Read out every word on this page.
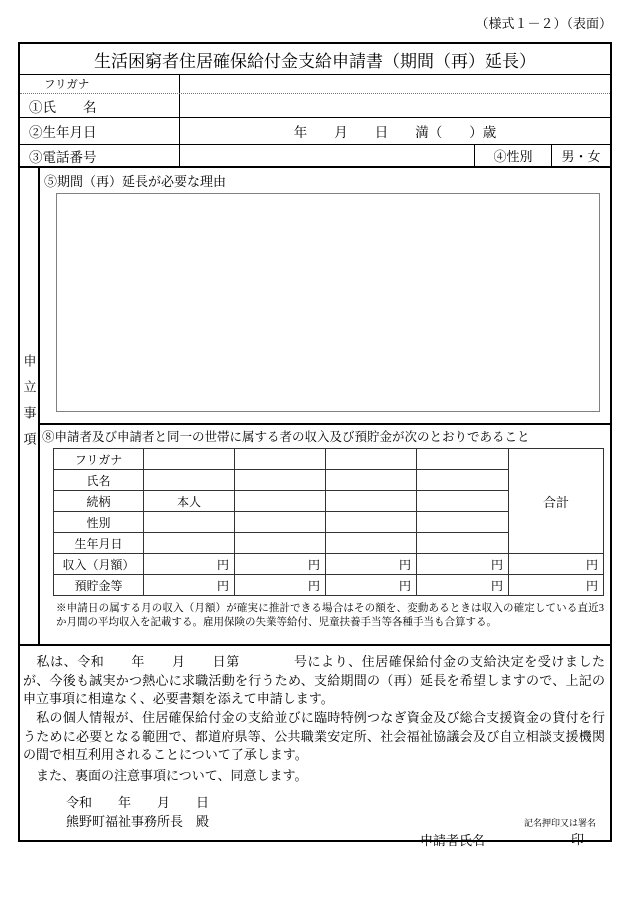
（様式１－２）（表面）
生活困窮者住居確保給付金支給申請書（期間（再）延長）
フリガナ
①氏　　名
②生年月日	年　　月　　日　　満（　　）歳
③電話番号	④性別	男・女
申立事項
⑤期間（再）延長が必要な理由
⑧申請者及び申請者と同一の世帯に属する者の収入及び預貯金が次のとおりであること
フリガナ					合計
氏名					
続柄	本人				
性別					
生年月日					
収入（月額）	円	円	円	円	円
預貯金等	円	円	円	円	円
※申請日の属する月の収入（月額）が確実に推計できる場合はその額を、変動あるときは収入の確定している直近3か月間の平均収入を記載する。雇用保険の失業等給付、児童扶養手当等各種手当も合算する。

　私は、令和　　年　　月　　日第　　　　号により、住居確保給付金の支給決定を受けましたが、今後も誠実かつ熱心に求職活動を行うため、支給期間の（再）延長を希望しますので、上記の申立事項に相違なく、必要書類を添えて申請します。

　私の個人情報が、住居確保給付金の支給並びに臨時特例つなぎ資金及び総合支援資金の貸付を行うために必要となる範囲で、都道府県等、公共職業安定所、社会福祉協議会及び自立相談支援機関の間で相互利用されることについて了承します。

　また、裏面の注意事項について、同意します。

令和　　年　　月　　日
熊野町福祉事務所長　殿	記名押印又は署名
申請者氏名	印
